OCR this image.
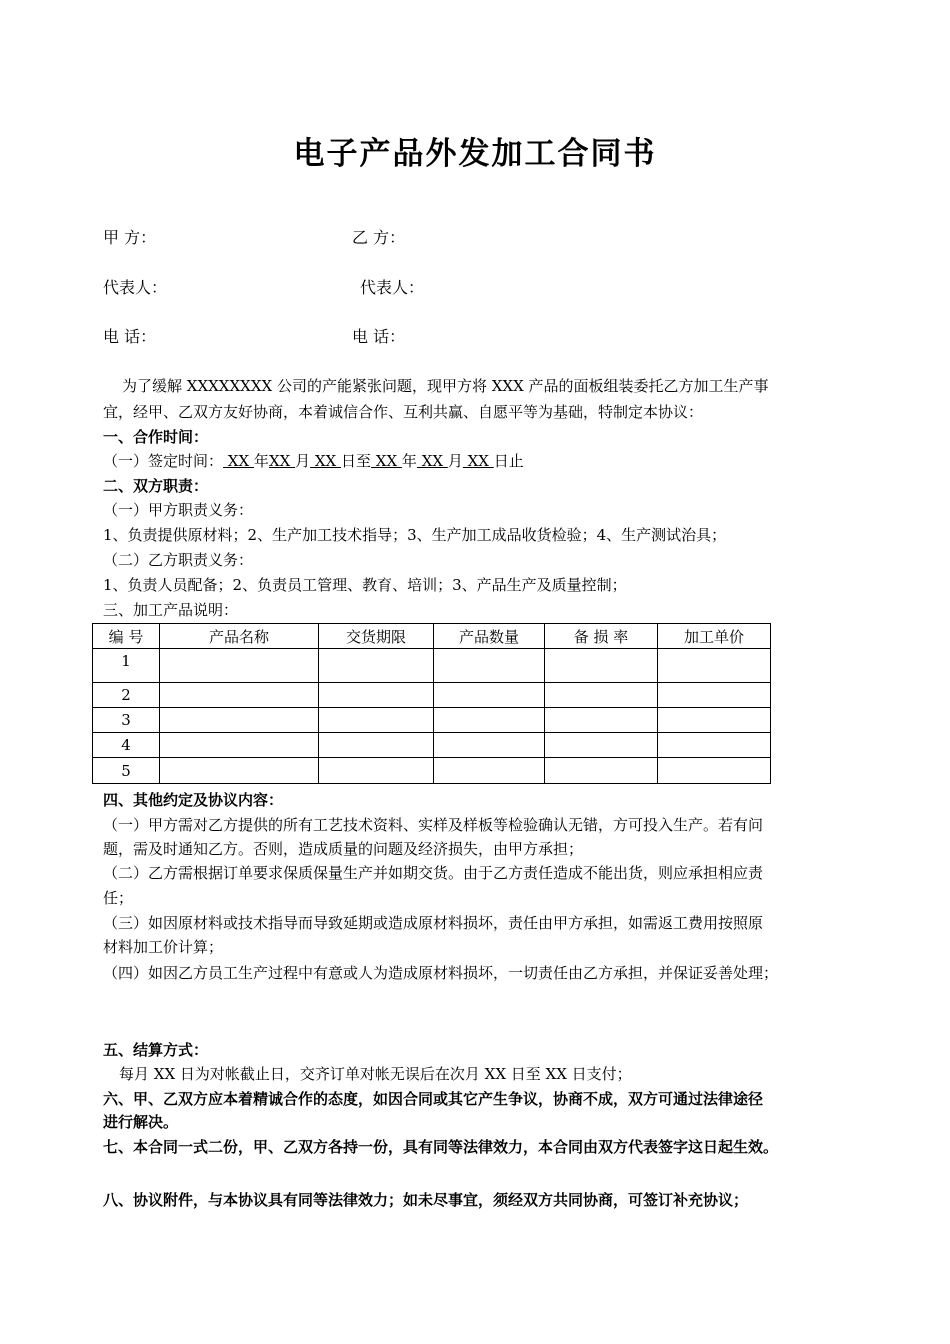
电子产品外发加工合同书
甲 方：	乙 方：
代表人：	代表人：
电 话：	电 话：
为了缓解 XXXXXXXX 公司的产能紧张问题，现甲方将 XXX 产品的面板组装委托乙方加工生产事
宜，经甲、乙双方友好协商，本着诚信合作、互利共赢、自愿平等为基础，特制定本协议：
一、合作时间：
（一）签定时间： XX 年XX 月 XX 日至 XX 年 XX 月 XX 日止
二、双方职责：
（一）甲方职责义务：
1、负责提供原材料；2、生产加工技术指导；3、生产加工成品收货检验；4、生产测试治具；
（二）乙方职责义务：
1、负责人员配备；2、负责员工管理、教育、培训；3、产品生产及质量控制；
三、加工产品说明：
编 号	产品名称	交货期限	产品数量	备 损 率	加工单价
1					
2					
3					
4					
5					
四、其他约定及协议内容：
（一）甲方需对乙方提供的所有工艺技术资料、实样及样板等检验确认无错，方可投入生产。若有问
题，需及时通知乙方。否则，造成质量的问题及经济损失，由甲方承担；
（二）乙方需根据订单要求保质保量生产并如期交货。由于乙方责任造成不能出货，则应承担相应责
任；
（三）如因原材料或技术指导而导致延期或造成原材料损坏，责任由甲方承担，如需返工费用按照原
材料加工价计算；
（四）如因乙方员工生产过程中有意或人为造成原材料损坏，一切责任由乙方承担，并保证妥善处理；
五、结算方式：
每月 XX 日为对帐截止日，交齐订单对帐无误后在次月 XX 日至 XX 日支付；
六、甲、乙双方应本着精诚合作的态度，如因合同或其它产生争议，协商不成，双方可通过法律途径
进行解决。
七、本合同一式二份，甲、乙双方各持一份，具有同等法律效力，本合同由双方代表签字这日起生效。
八、协议附件，与本协议具有同等法律效力；如未尽事宜，须经双方共同协商，可签订补充协议；
